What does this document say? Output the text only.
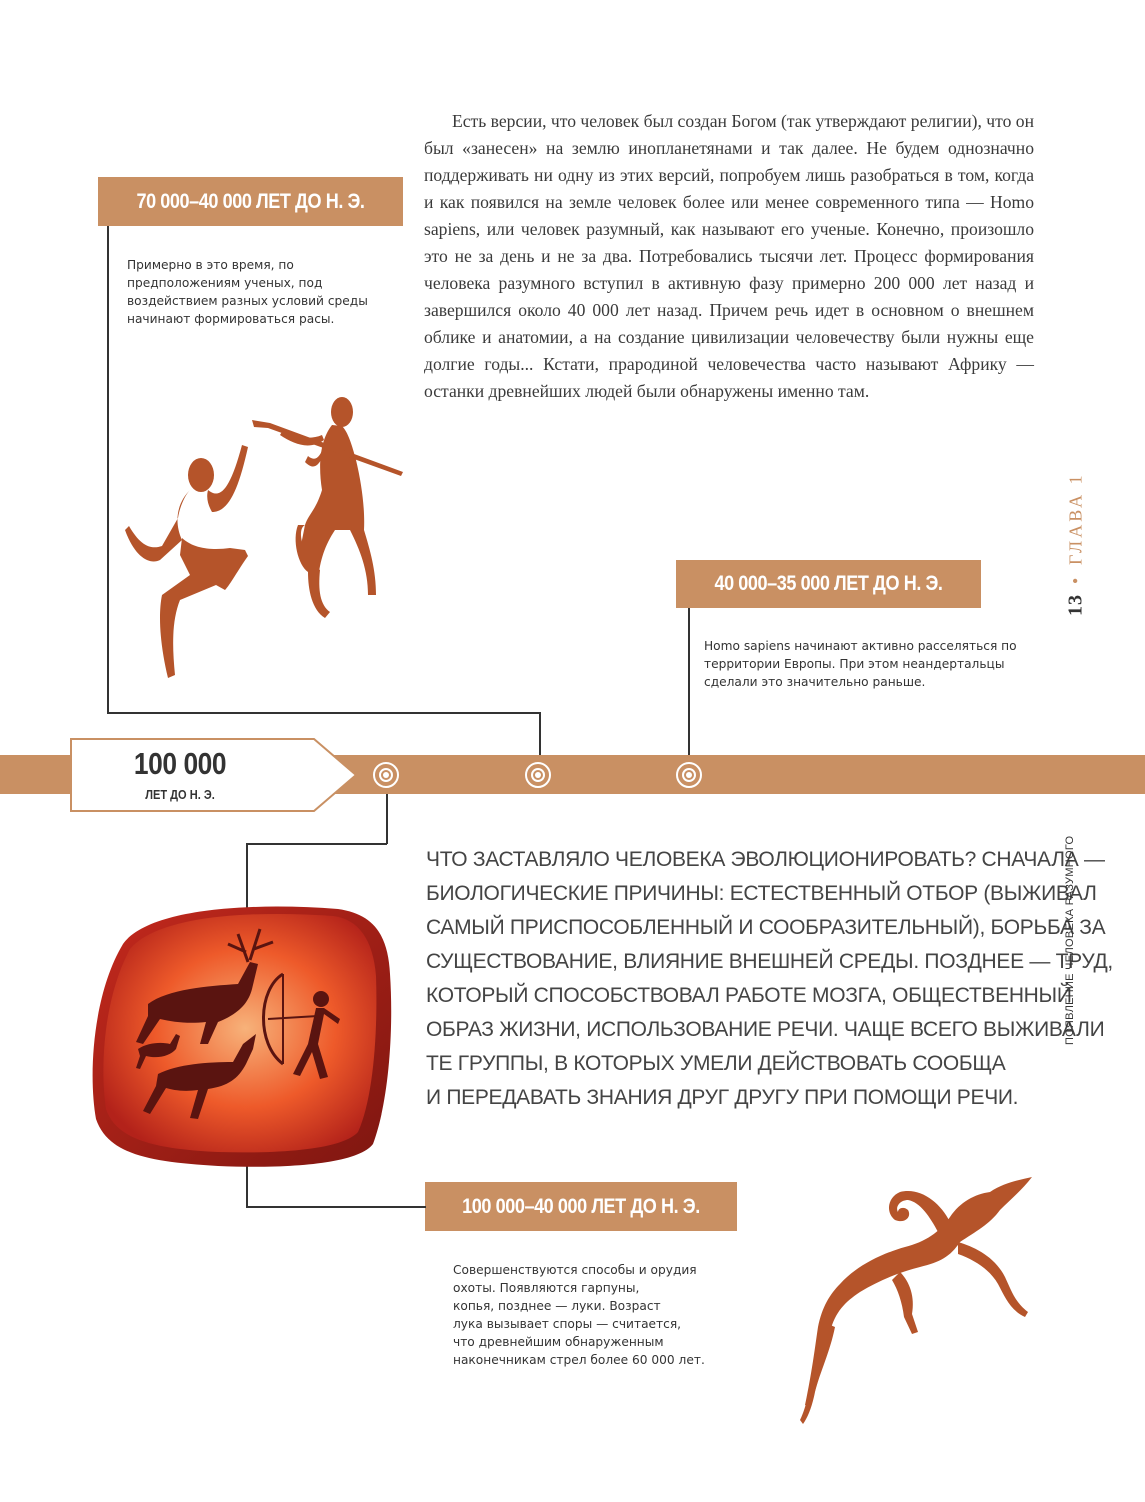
Есть версии, что человек был создан Богом (так утверждают религии), что он был «занесен» на землю инопланетянами и так далее. Не будем однозначно поддерживать ни одну из этих версий, попробуем лишь разобраться в том, когда и как появился на земле человек более или менее современного типа — Homo sapiens, или человек разумный, как называют его ученые. Конечно, произошло это не за день и не за два. Потребовались тысячи лет. Процесс формирования человека разумного вступил в активную фазу примерно 200 000 лет назад и завершился около 40 000 лет назад. Причем речь идет в основном о внешнем облике и анатомии, а на создание цивилизации человечеству были нужны еще долгие годы... Кстати, прародиной человечества часто называют Африку — останки древнейших людей были обнаружены именно там.

70 000–40 000 ЛЕТ ДО Н. Э.

Примерно в это время, по предположениям ученых, под воздействием разных условий среды начинают формироваться расы.

40 000–35 000 ЛЕТ ДО Н. Э.

Homo sapiens начинают активно расселяться по территории Европы. При этом неандертальцы сделали это значительно раньше.

100 000–40 000 ЛЕТ ДО Н. Э.
Совершенствуются способы и орудия
охоты. Появляются гарпуны,
копья, позднее — луки. Возраст
лука вызывает споры — считается,
что древнейшим обнаруженным
наконечникам стрел более 60 000 лет.
100 000
ЛЕТ ДО Н. Э.
ЧТО ЗАСТАВЛЯЛО ЧЕЛОВЕКА ЭВОЛЮЦИОНИРОВАТЬ? СНАЧАЛА —
БИОЛОГИЧЕСКИЕ ПРИЧИНЫ: ЕСТЕСТВЕННЫЙ ОТБОР (ВЫЖИВАЛ
САМЫЙ ПРИСПОСОБЛЕННЫЙ И СООБРАЗИТЕЛЬНЫЙ), БОРЬБА ЗА
СУЩЕСТВОВАНИЕ, ВЛИЯНИЕ ВНЕШНЕЙ СРЕДЫ. ПОЗДНЕЕ — ТРУД,
КОТОРЫЙ СПОСОБСТВОВАЛ РАБОТЕ МОЗГА, ОБЩЕСТВЕННЫЙ
ОБРАЗ ЖИЗНИ, ИСПОЛЬЗОВАНИЕ РЕЧИ. ЧАЩЕ ВСЕГО ВЫЖИВАЛИ
ТЕ ГРУППЫ, В КОТОРЫХ УМЕЛИ ДЕЙСТВОВАТЬ СООБЩА
И ПЕРЕДАВАТЬ ЗНАНИЯ ДРУГ ДРУГУ ПРИ ПОМОЩИ РЕЧИ.
13
•
ГЛАВА 1
ПОЯВЛЕНИЕ ЧЕЛОВЕКА РАЗУМНОГО
